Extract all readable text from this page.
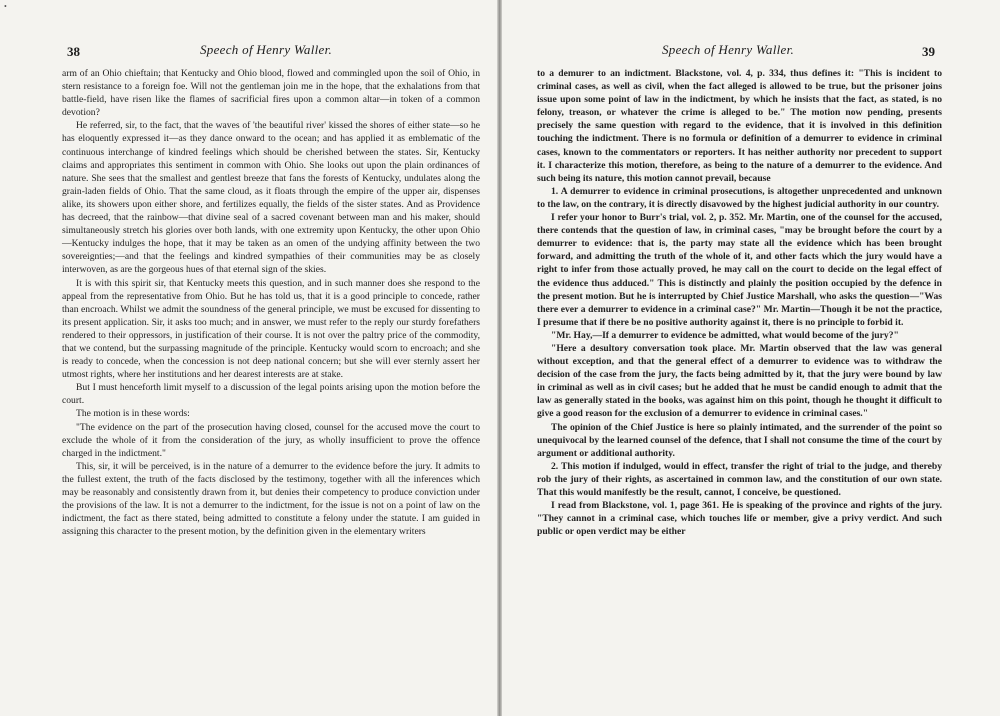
•
38	Speech of Henry Waller.

arm of an Ohio chieftain; that Kentucky and Ohio blood, flowed and commingled upon the soil of Ohio, in stern resistance to a foreign foe. Will not the gentleman join me in the hope, that the exhalations from that battle-field, have risen like the flames of sacrificial fires upon a common altar—in token of a common devotion?

He referred, sir, to the fact, that the waves of 'the beautiful river' kissed the shores of either state—so he has eloquently expressed it—as they dance onward to the ocean; and has applied it as emblematic of the continuous interchange of kindred feelings which should be cherished between the states. Sir, Kentucky claims and appropriates this sentiment in common with Ohio. She looks out upon the plain ordinances of nature. She sees that the smallest and gentlest breeze that fans the forests of Kentucky, undulates along the grain-laden fields of Ohio. That the same cloud, as it floats through the empire of the upper air, dispenses alike, its showers upon either shore, and fertilizes equally, the fields of the sister states. And as Providence has decreed, that the rainbow—that divine seal of a sacred covenant between man and his maker, should simultaneously stretch his glories over both lands, with one extremity upon Kentucky, the other upon Ohio—Kentucky indulges the hope, that it may be taken as an omen of the undying affinity between the two sovereignties;—and that the feelings and kindred sympathies of their communities may be as closely interwoven, as are the gorgeous hues of that eternal sign of the skies.

It is with this spirit sir, that Kentucky meets this question, and in such manner does she respond to the appeal from the representative from Ohio. But he has told us, that it is a good principle to concede, rather than encroach. Whilst we admit the soundness of the general principle, we must be excused for dissenting to its present application. Sir, it asks too much; and in answer, we must refer to the reply our sturdy forefathers rendered to their oppressors, in justification of their course. It is not over the paltry price of the commodity, that we contend, but the surpassing magnitude of the principle. Kentucky would scorn to encroach; and she is ready to concede, when the concession is not deep national concern; but she will ever sternly assert her utmost rights, where her institutions and her dearest interests are at stake.

But I must henceforth limit myself to a discussion of the legal points arising upon the motion before the court.

The motion is in these words:

"The evidence on the part of the prosecution having closed, counsel for the accused move the court to exclude the whole of it from the consideration of the jury, as wholly insufficient to prove the offence charged in the indictment."

This, sir, it will be perceived, is in the nature of a demurrer to the evidence before the jury. It admits to the fullest extent, the truth of the facts disclosed by the testimony, together with all the inferences which may be reasonably and consistently drawn from it, but denies their competency to produce conviction under the provisions of the law. It is not a demurrer to the indictment, for the issue is not on a point of law on the indictment, the fact as there stated, being admitted to constitute a felony under the statute. I am guided in assigning this character to the present motion, by the definition given in the elementary writers

Speech of Henry Waller.	39

to a demurer to an indictment. Blackstone, vol. 4, p. 334, thus defines it: "This is incident to criminal cases, as well as civil, when the fact alleged is allowed to be true, but the prisoner joins issue upon some point of law in the indictment, by which he insists that the fact, as stated, is no felony, treason, or whatever the crime is alleged to be." The motion now pending, presents precisely the same question with regard to the evidence, that it is involved in this definition touching the indictment. There is no formula or definition of a demurrer to evidence in criminal cases, known to the commentators or reporters. It has neither authority nor precedent to support it. I characterize this motion, therefore, as being to the nature of a demurrer to the evidence. And such being its nature, this motion cannot prevail, because

1. A demurrer to evidence in criminal prosecutions, is altogether unprecedented and unknown to the law, on the contrary, it is directly disavowed by the highest judicial authority in our country.

I refer your honor to Burr's trial, vol. 2, p. 352. Mr. Martin, one of the counsel for the accused, there contends that the question of law, in criminal cases, "may be brought before the court by a demurrer to evidence: that is, the party may state all the evidence which has been brought forward, and admitting the truth of the whole of it, and other facts which the jury would have a right to infer from those actually proved, he may call on the court to decide on the legal effect of the evidence thus adduced." This is distinctly and plainly the position occupied by the defence in the present motion. But he is interrupted by Chief Justice Marshall, who asks the question—"Was there ever a demurrer to evidence in a criminal case?" Mr. Martin—Though it be not the practice, I presume that if there be no positive authority against it, there is no principle to forbid it.

"Mr. Hay,—If a demurrer to evidence be admitted, what would become of the jury?"

"Here a desultory conversation took place. Mr. Martin observed that the law was general without exception, and that the general effect of a demurrer to evidence was to withdraw the decision of the case from the jury, the facts being admitted by it, that the jury were bound by law in criminal as well as in civil cases; but he added that he must be candid enough to admit that the law as generally stated in the books, was against him on this point, though he thought it difficult to give a good reason for the exclusion of a demurrer to evidence in criminal cases."

The opinion of the Chief Justice is here so plainly intimated, and the surrender of the point so unequivocal by the learned counsel of the defence, that I shall not consume the time of the court by argument or additional authority.

2. This motion if indulged, would in effect, transfer the right of trial to the judge, and thereby rob the jury of their rights, as ascertained in common law, and the constitution of our own state. That this would manifestly be the result, cannot, I conceive, be questioned.

I read from Blackstone, vol. 1, page 361. He is speaking of the province and rights of the jury. "They cannot in a criminal case, which touches life or member, give a privy verdict. And such public or open verdict may be either
